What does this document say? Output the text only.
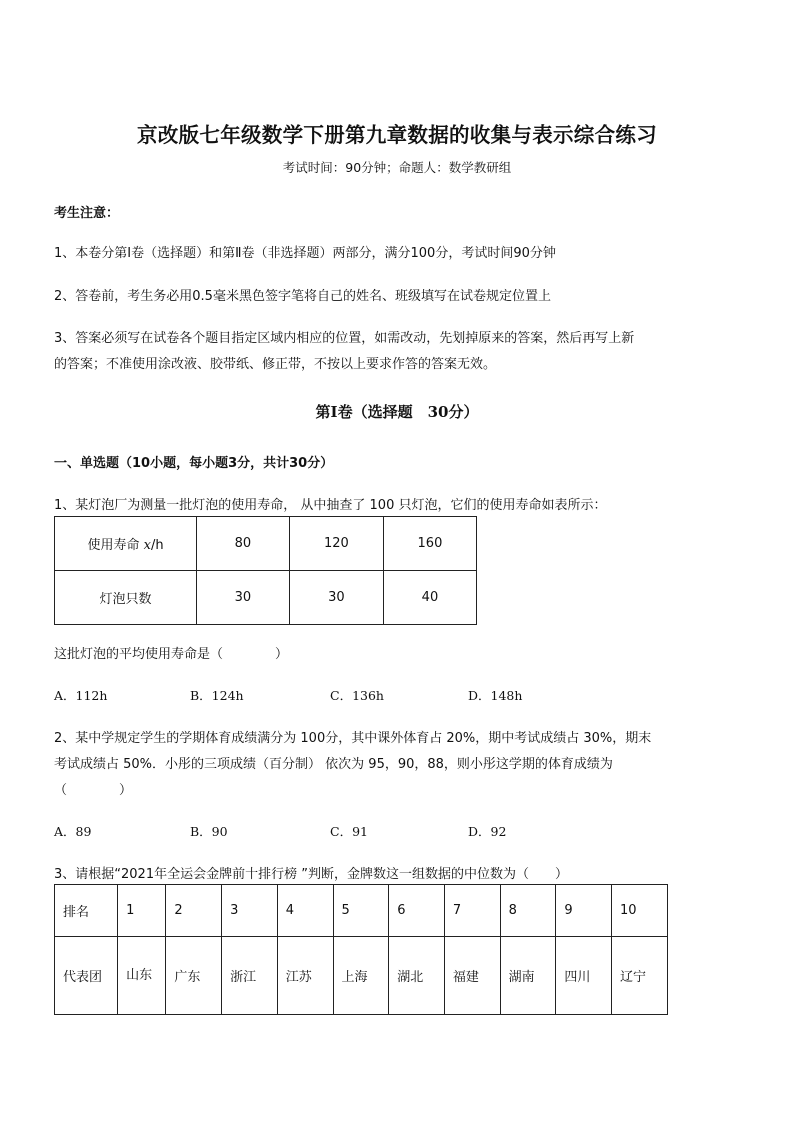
京改版七年级数学下册第九章数据的收集与表示综合练习
考试时间：90分钟；命题人：数学教研组
考生注意：
1、本卷分第Ⅰ卷（选择题）和第Ⅱ卷（非选择题）两部分，满分100分，考试时间90分钟
2、答卷前，考生务必用0.5毫米黑色签字笔将自己的姓名、班级填写在试卷规定位置上
3、答案必须写在试卷各个题目指定区域内相应的位置，如需改动，先划掉原来的答案，然后再写上新
的答案；不准使用涂改液、胶带纸、修正带，不按以上要求作答的答案无效。
第Ⅰ卷（选择题　30分）
一、单选题（10小题，每小题3分，共计30分）
1、某灯泡厂为测量一批灯泡的使用寿命， 从中抽查了 100 只灯泡，它们的使用寿命如表所示：
使用寿命 x/h	80	120	160
灯泡只数	30	30	40
这批灯泡的平均使用寿命是（　　　　）
A．112h	B．124h	C．136h	D．148h
2、某中学规定学生的学期体育成绩满分为 100分，其中课外体育占 20%，期中考试成绩占 30%，期末
考试成绩占 50%．小彤的三项成绩（百分制） 依次为 95，90，88，则小彤这学期的体育成绩为
（　　　　）
A．89	B．90	C．91	D．92
3、请根据“2021年全运会金牌前十排行榜 ”判断，金牌数这一组数据的中位数为（　　）
排名	1	2	3	4	5	6	7	8	9	10
代表团	山东	广东	浙江	江苏	上海	湖北	福建	湖南	四川	辽宁
